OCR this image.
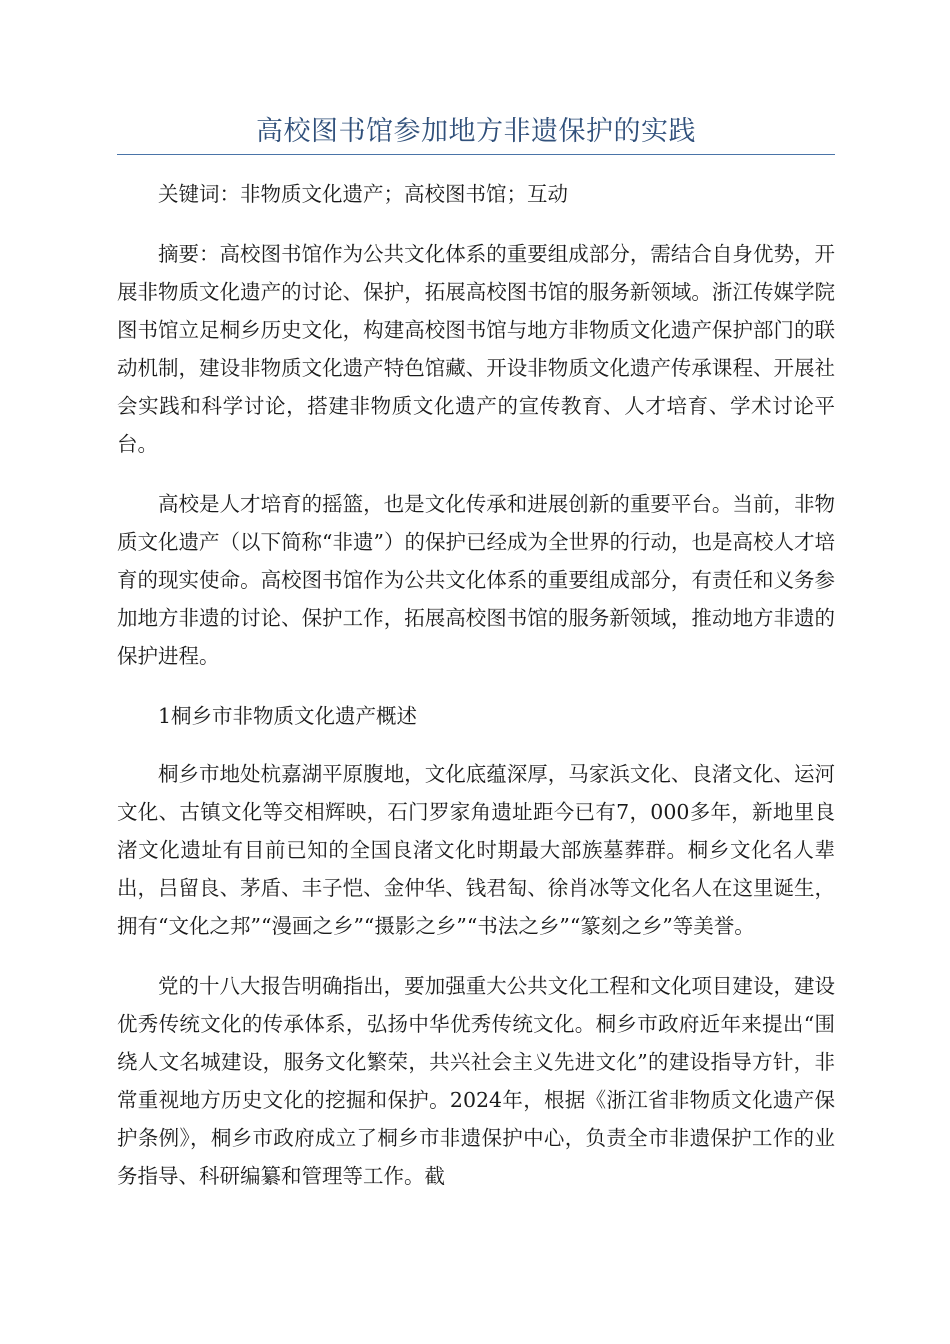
高校图书馆参加地方非遗保护的实践

关键词：非物质文化遗产；高校图书馆；互动

摘要：高校图书馆作为公共文化体系的重要组成部分，需结合自身优势，开展非物质文化遗产的讨论、保护，拓展高校图书馆的服务新领域。浙江传媒学院图书馆立足桐乡历史文化，构建高校图书馆与地方非物质文化遗产保护部门的联动机制，建设非物质文化遗产特色馆藏、开设非物质文化遗产传承课程、开展社会实践和科学讨论，搭建非物质文化遗产的宣传教育、人才培育、学术讨论平台。

高校是人才培育的摇篮，也是文化传承和进展创新的重要平台。当前，非物质文化遗产（以下简称“非遗”）的保护已经成为全世界的行动，也是高校人才培育的现实使命。高校图书馆作为公共文化体系的重要组成部分，有责任和义务参加地方非遗的讨论、保护工作，拓展高校图书馆的服务新领域，推动地方非遗的保护进程。

1桐乡市非物质文化遗产概述

桐乡市地处杭嘉湖平原腹地，文化底蕴深厚，马家浜文化、良渚文化、运河文化、古镇文化等交相辉映，石门罗家角遗址距今已有7，000多年，新地里良渚文化遗址有目前已知的全国良渚文化时期最大部族墓葬群。桐乡文化名人辈出，吕留良、茅盾、丰子恺、金仲华、钱君匋、徐肖冰等文化名人在这里诞生，拥有“文化之邦”“漫画之乡”“摄影之乡”“书法之乡”“篆刻之乡”等美誉。

党的十八大报告明确指出，要加强重大公共文化工程和文化项目建设，建设优秀传统文化的传承体系，弘扬中华优秀传统文化。桐乡市政府近年来提出“围绕人文名城建设，服务文化繁荣，共兴社会主义先进文化”的建设指导方针，非常重视地方历史文化的挖掘和保护。2024年，根据《浙江省非物质文化遗产保护条例》，桐乡市政府成立了桐乡市非遗保护中心，负责全市非遗保护工作的业务指导、科研编纂和管理等工作。截
